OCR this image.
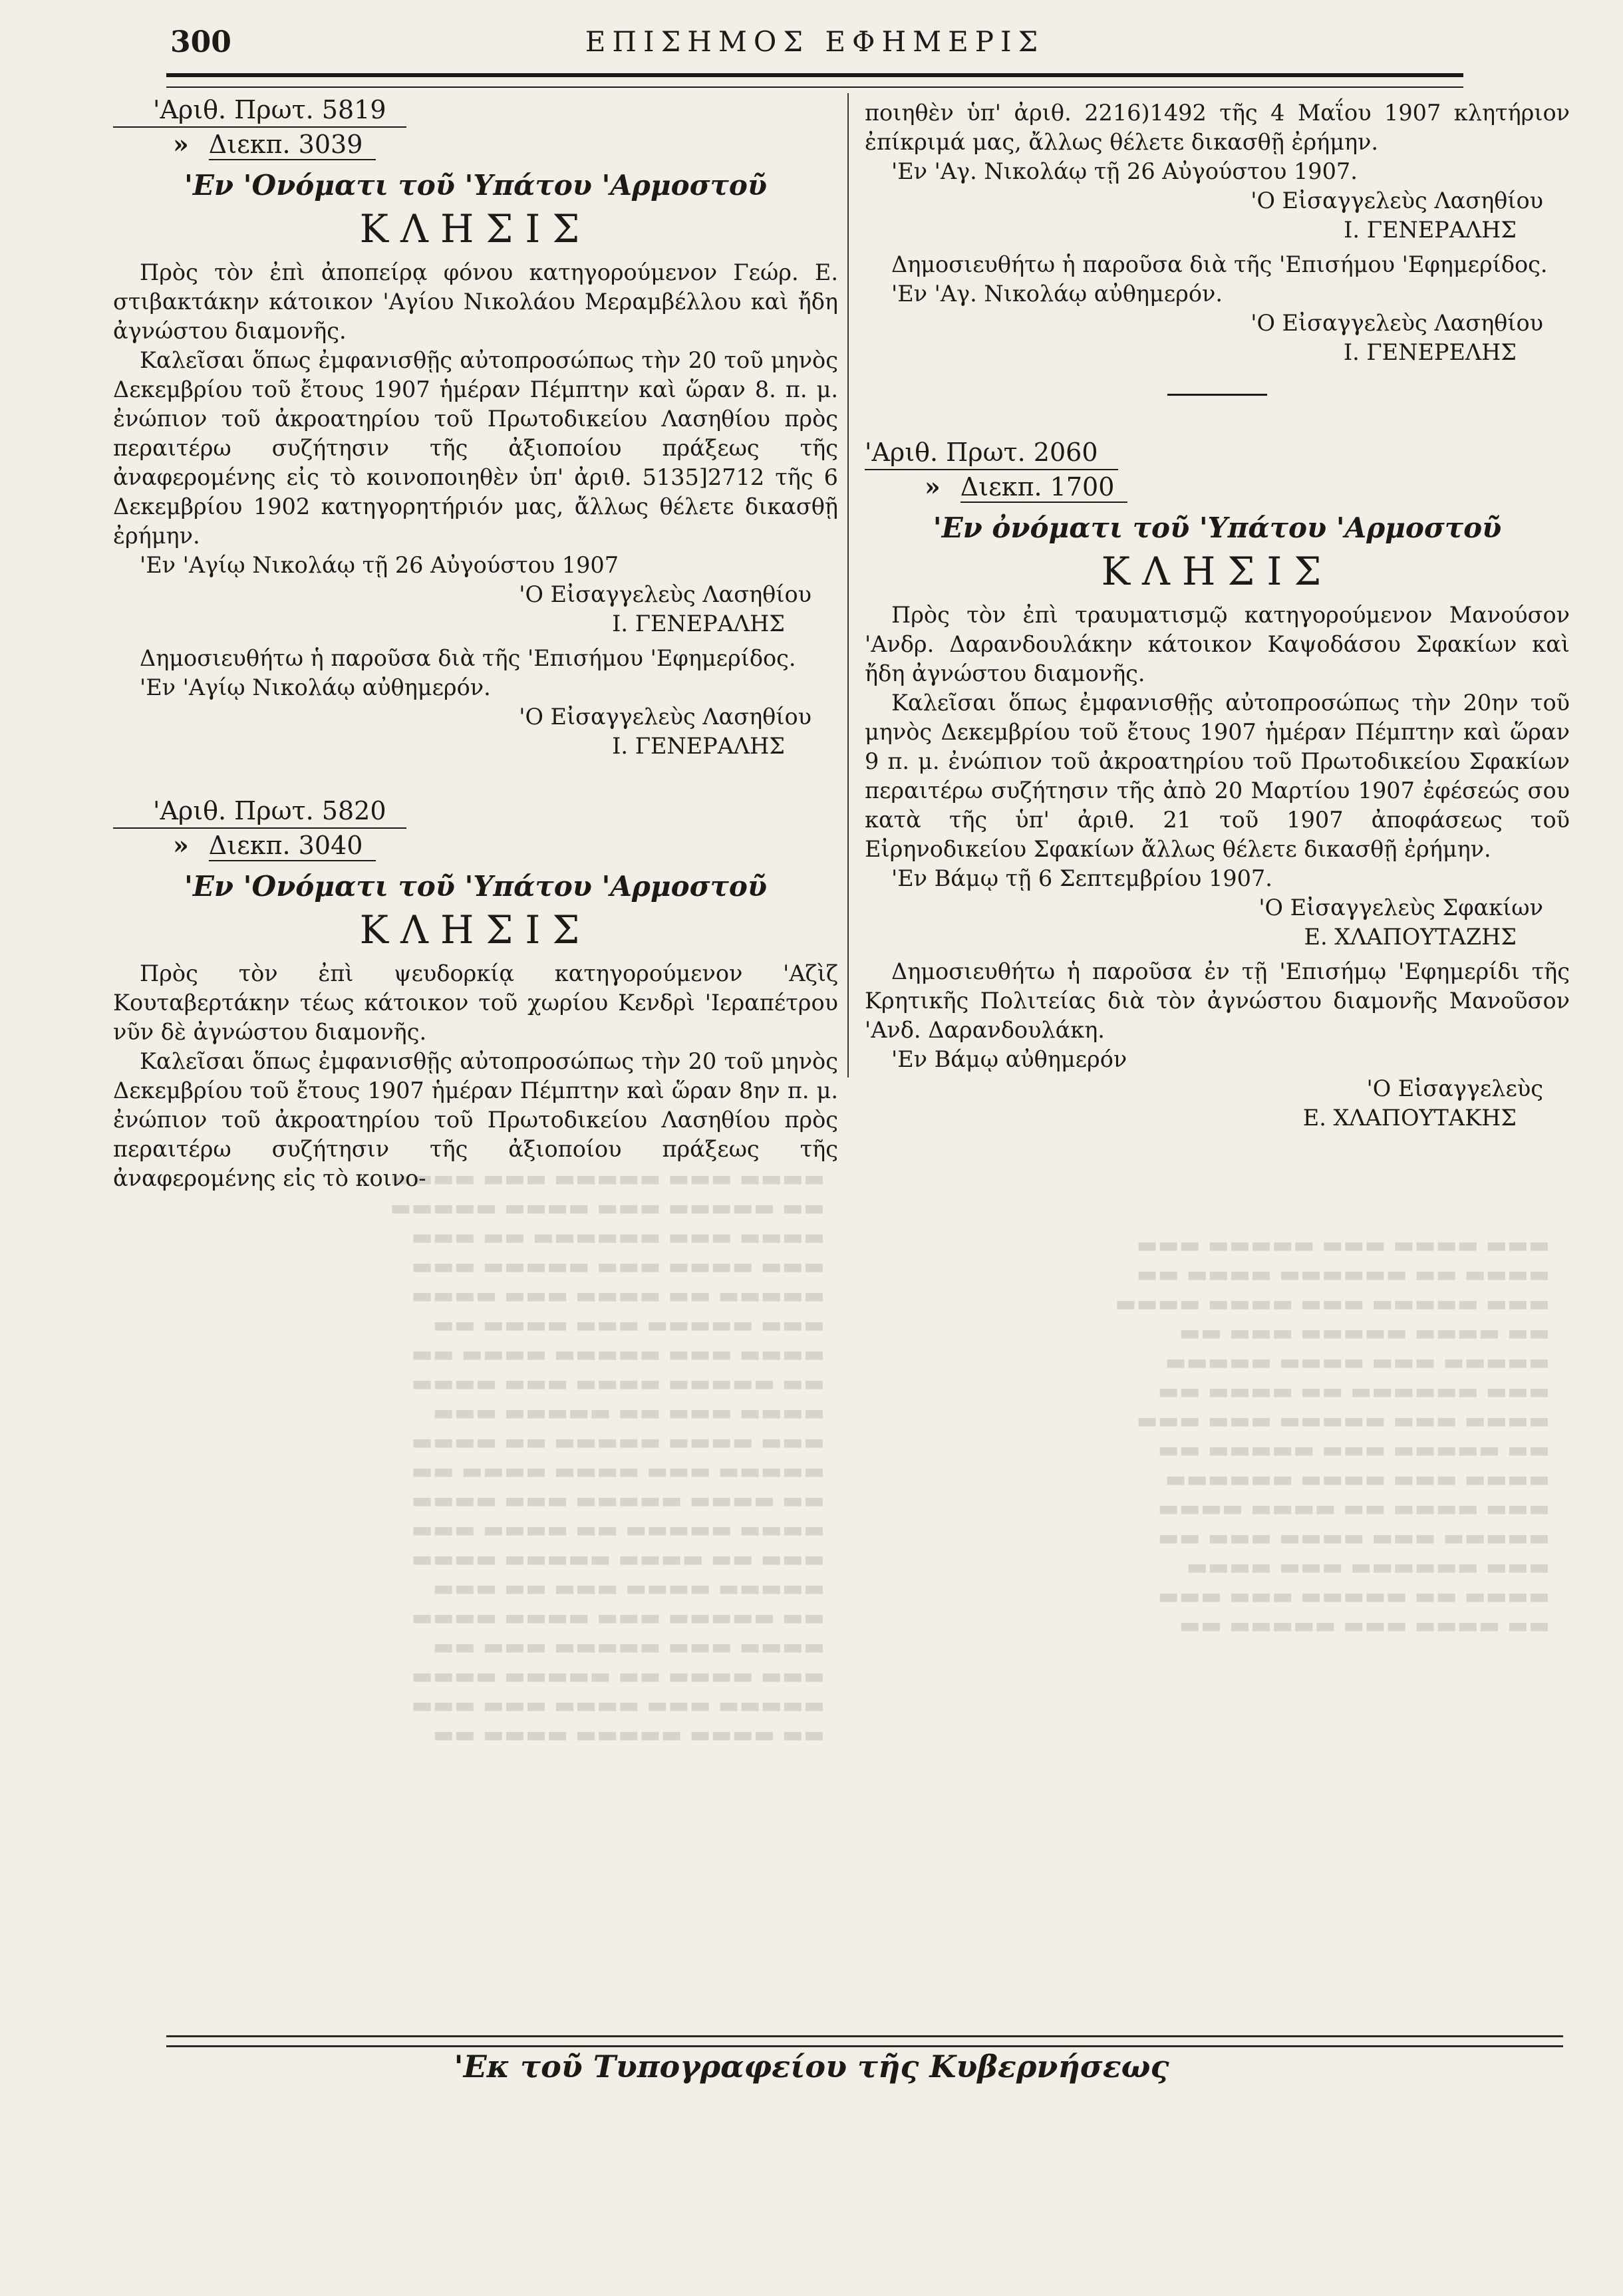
▬▬▬ ▬▬▬▬ ▬▬▬ ▬▬▬▬▬ ▬▬▬
▬▬▬▬ ▬▬ ▬▬▬▬▬▬ ▬▬▬▬ ▬▬
▬▬▬ ▬▬▬▬▬ ▬▬▬ ▬▬▬▬ ▬▬▬▬
▬▬ ▬▬▬▬ ▬▬▬▬▬ ▬▬▬ ▬▬
▬▬▬▬▬ ▬▬▬ ▬▬▬▬ ▬▬▬▬▬
▬▬▬ ▬▬▬▬▬▬ ▬▬ ▬▬▬▬ ▬▬
▬▬▬▬ ▬▬▬ ▬▬▬▬▬ ▬▬▬ ▬▬▬
▬▬ ▬▬▬▬▬ ▬▬▬ ▬▬▬▬▬ ▬▬
▬▬▬▬ ▬▬▬ ▬▬▬▬ ▬▬▬▬▬▬
▬▬▬ ▬▬▬▬ ▬▬ ▬▬▬▬ ▬▬▬▬
▬▬▬▬▬ ▬▬▬ ▬▬▬▬ ▬▬▬ ▬▬
▬▬▬ ▬▬▬▬▬▬ ▬▬▬ ▬▬▬▬
▬▬▬▬ ▬▬ ▬▬▬▬▬ ▬▬▬ ▬▬▬
▬▬ ▬▬▬▬ ▬▬▬ ▬▬▬▬▬ ▬▬
▬▬▬▬ ▬▬▬ ▬▬▬▬▬ ▬▬▬ ▬▬▬▬
▬▬ ▬▬▬▬▬ ▬▬▬ ▬▬▬▬ ▬▬▬▬▬
▬▬▬▬ ▬▬▬ ▬▬▬▬▬▬ ▬▬ ▬▬▬
▬▬▬ ▬▬▬▬ ▬▬▬ ▬▬▬▬▬ ▬▬▬
▬▬▬▬▬ ▬▬ ▬▬▬▬ ▬▬▬ ▬▬▬▬
▬▬▬ ▬▬▬▬▬ ▬▬▬ ▬▬▬▬ ▬▬
▬▬▬▬ ▬▬▬ ▬▬▬▬▬ ▬▬▬▬ ▬▬
▬▬ ▬▬▬▬▬ ▬▬▬▬ ▬▬▬ ▬▬▬▬
▬▬▬▬ ▬▬▬ ▬▬ ▬▬▬▬▬ ▬▬▬
▬▬▬ ▬▬▬▬ ▬▬▬▬▬ ▬▬ ▬▬▬▬
▬▬▬▬▬ ▬▬▬ ▬▬▬▬ ▬▬▬▬ ▬▬
▬▬ ▬▬▬▬ ▬▬▬▬▬ ▬▬▬ ▬▬▬▬
▬▬▬▬ ▬▬▬▬▬ ▬▬ ▬▬▬▬ ▬▬▬
▬▬▬ ▬▬ ▬▬▬▬ ▬▬▬▬▬ ▬▬▬▬
▬▬▬▬▬ ▬▬▬▬ ▬▬▬ ▬▬ ▬▬▬
▬▬ ▬▬▬▬▬ ▬▬▬ ▬▬▬▬ ▬▬▬▬
▬▬▬▬ ▬▬▬ ▬▬▬▬▬ ▬▬▬ ▬▬
▬▬▬ ▬▬▬▬ ▬▬ ▬▬▬▬▬ ▬▬▬▬
▬▬▬▬▬ ▬▬▬ ▬▬▬▬ ▬▬▬ ▬▬▬
▬▬ ▬▬▬▬ ▬▬▬▬▬ ▬▬▬▬ ▬▬
300	ΕΠΙΣΗΜΟΣ ΕΦΗΜΕΡΙΣ
'Αριθ. Πρωτ. 5819
» Διεκπ. 3039
'Εν 'Ονόματι τοῦ 'Υπάτου 'Αρμοστοῦ
ΚΛΗΣΙΣ

Πρὸς τὸν ἐπὶ ἀποπείρᾳ φόνου κατηγορούμενον Γεώρ. Ε. στιβακτάκην κάτοικον 'Αγίου Νικολάου Μεραμβέλλου καὶ ἤδη ἀγνώστου διαμονῆς.

Καλεῖσαι ὅπως ἐμφανισθῇς αὐτοπροσώπως τὴν 20 τοῦ μηνὸς Δεκεμβρίου τοῦ ἔτους 1907 ἡμέραν Πέμπτην καὶ ὥραν 8. π. μ. ἐνώπιον τοῦ ἀκροατηρίου τοῦ Πρωτοδικείου Λασηθίου πρὸς περαιτέρω συζήτησιν τῆς ἀξιοποίου πράξεως τῆς ἀναφερομένης εἰς τὸ κοινοποιηθὲν ὑπ' ἀριθ. 5135]2712 τῆς 6 Δεκεμβρίου 1902 κατηγορητήριόν μας, ἄλλως θέλετε δικασθῇ ἐρήμην.

'Εν 'Αγίῳ Νικολάῳ τῇ 26 Αὐγούστου 1907

'Ο Εἰσαγγελεὺς Λασηθίου
Ι. ΓΕΝΕΡΑΛΗΣ

Δημοσιευθήτω ἡ παροῦσα διὰ τῆς 'Επισήμου 'Εφημερίδος.

'Εν 'Αγίῳ Νικολάῳ αὐθημερόν.

'Ο Εἰσαγγελεὺς Λασηθίου
Ι. ΓΕΝΕΡΑΛΗΣ
'Αριθ. Πρωτ. 5820
» Διεκπ. 3040
'Εν 'Ονόματι τοῦ 'Υπάτου 'Αρμοστοῦ
ΚΛΗΣΙΣ

Πρὸς τὸν ἐπὶ ψευδορκίᾳ κατηγορούμενον 'Αζὶζ Κουταβερτάκην τέως κάτοικον τοῦ χωρίου Κενδρὶ 'Ιεραπέτρου νῦν δὲ ἀγνώστου διαμονῆς.

Καλεῖσαι ὅπως ἐμφανισθῇς αὐτοπροσώπως τὴν 20 τοῦ μηνὸς Δεκεμβρίου τοῦ ἔτους 1907 ἡμέραν Πέμπτην καὶ ὥραν 8ην π. μ. ἐνώπιον τοῦ ἀκροατηρίου τοῦ Πρωτοδικείου Λασηθίου πρὸς περαιτέρω συζήτησιν τῆς ἀξιοποίου πράξεως τῆς ἀναφερομένης εἰς τὸ κοινο-

ποιηθὲν ὑπ' ἀριθ. 2216)1492 τῆς 4 Μαΐου 1907 κλητήριον ἐπίκριμά μας, ἄλλως θέλετε δικασθῇ ἐρήμην.

'Εν 'Αγ. Νικολάῳ τῇ 26 Αὐγούστου 1907.

'Ο Εἰσαγγελεὺς Λασηθίου
Ι. ΓΕΝΕΡΑΛΗΣ

Δημοσιευθήτω ἡ παροῦσα διὰ τῆς 'Επισήμου 'Εφημερίδος.

'Εν 'Αγ. Νικολάῳ αὐθημερόν.

'Ο Εἰσαγγελεὺς Λασηθίου
Ι. ΓΕΝΕΡΕΛΗΣ
'Αριθ. Πρωτ. 2060
» Διεκπ. 1700
'Εν ὀνόματι τοῦ 'Υπάτου 'Αρμοστοῦ
ΚΛΗΣΙΣ

Πρὸς τὸν ἐπὶ τραυματισμῷ κατηγορούμενον Μανούσον 'Ανδρ. Δαρανδουλάκην κάτοικον Καψοδάσου Σφακίων καὶ ἤδη ἀγνώστου διαμονῆς.

Καλεῖσαι ὅπως ἐμφανισθῇς αὐτοπροσώπως τὴν 20ην τοῦ μηνὸς Δεκεμβρίου τοῦ ἔτους 1907 ἡμέραν Πέμπτην καὶ ὥραν 9 π. μ. ἐνώπιον τοῦ ἀκροατηρίου τοῦ Πρωτοδικείου Σφακίων περαιτέρω συζήτησιν τῆς ἀπὸ 20 Μαρτίου 1907 ἐφέσεώς σου κατὰ τῆς ὑπ' ἀριθ. 21 τοῦ 1907 ἀποφάσεως τοῦ Εἰρηνοδικείου Σφακίων ἄλλως θέλετε δικασθῇ ἐρήμην.

'Εν Βάμῳ τῇ 6 Σεπτεμβρίου 1907.

'Ο Εἰσαγγελεὺς Σφακίων
Ε. ΧΛΑΠΟΥΤΑΖΗΣ

Δημοσιευθήτω ἡ παροῦσα ἐν τῇ 'Επισήμῳ 'Εφημερίδι τῆς Κρητικῆς Πολιτείας διὰ τὸν ἀγνώστου διαμονῆς Μανοῦσον 'Ανδ. Δαρανδουλάκη.

'Εν Βάμῳ αὐθημερόν

'Ο Εἰσαγγελεὺς
Ε. ΧΛΑΠΟΥΤΑΚΗΣ
'Εκ τοῦ Τυπογραφείου τῆς Κυβερνήσεως
